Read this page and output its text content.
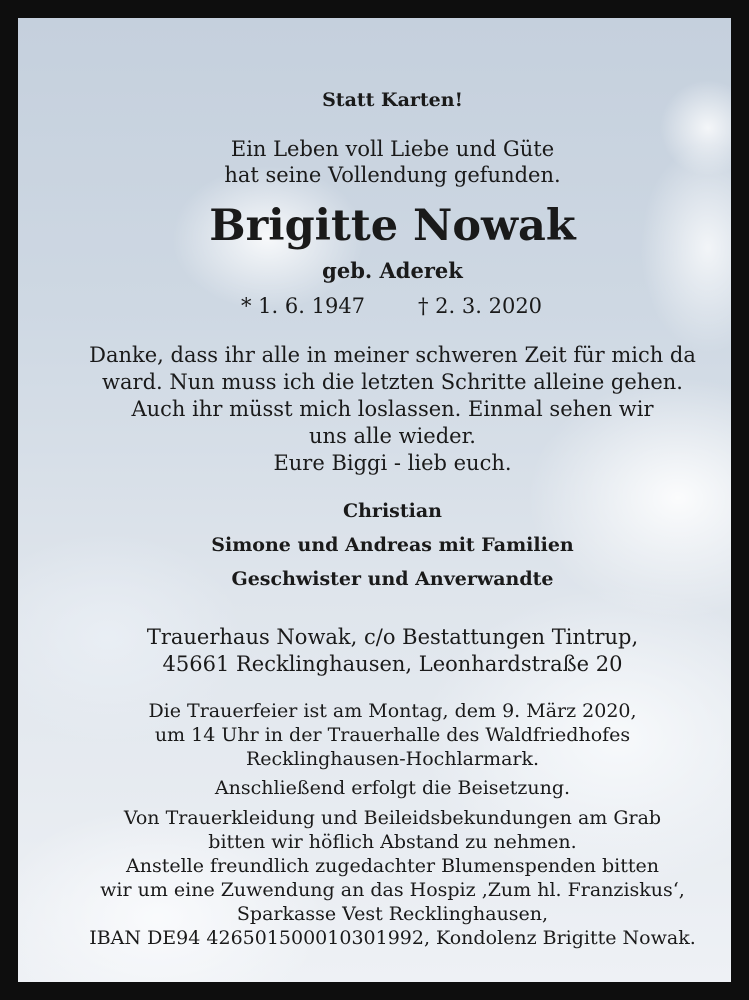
Statt Karten!
Ein Leben voll Liebe und Güte
hat seine Vollendung gefunden.
Brigitte Nowak
geb. Aderek
* 1. 6. 1947	† 2. 3. 2020
Danke, dass ihr alle in meiner schweren Zeit für mich da
ward. Nun muss ich die letzten Schritte alleine gehen.
Auch ihr müsst mich loslassen. Einmal sehen wir
uns alle wieder.
Eure Biggi - lieb euch.
Christian
Simone und Andreas mit Familien
Geschwister und Anverwandte
Trauerhaus Nowak, c/o Bestattungen Tintrup,
45661 Recklinghausen, Leonhardstraße 20
Die Trauerfeier ist am Montag, dem 9. März 2020,
um 14 Uhr in der Trauerhalle des Waldfriedhofes
Recklinghausen-Hochlarmark.
Anschließend erfolgt die Beisetzung.
Von Trauerkleidung und Beileidsbekundungen am Grab
bitten wir höflich Abstand zu nehmen.
Anstelle freundlich zugedachter Blumenspenden bitten
wir um eine Zuwendung an das Hospiz ‚Zum hl. Franziskus‘,
Sparkasse Vest Recklinghausen,
IBAN DE94 426501500010301992, Kondolenz Brigitte Nowak.
